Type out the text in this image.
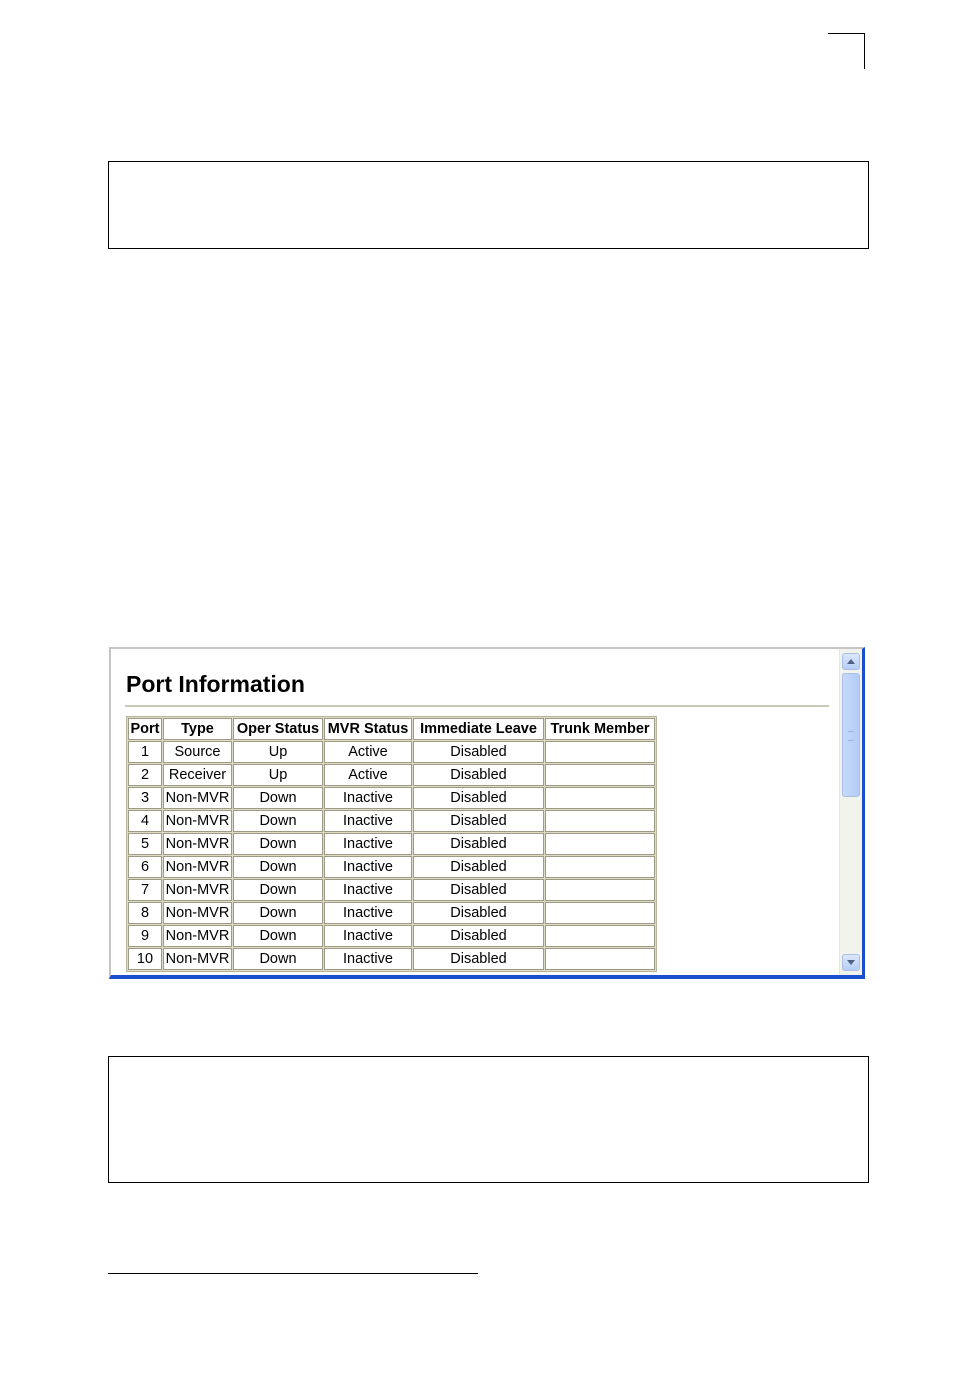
Port Information
Port	Type	Oper Status	MVR Status	Immediate Leave	Trunk Member
1	Source	Up	Active	Disabled	
2	Receiver	Up	Active	Disabled	
3	Non-MVR	Down	Inactive	Disabled	
4	Non-MVR	Down	Inactive	Disabled	
5	Non-MVR	Down	Inactive	Disabled	
6	Non-MVR	Down	Inactive	Disabled	
7	Non-MVR	Down	Inactive	Disabled	
8	Non-MVR	Down	Inactive	Disabled	
9	Non-MVR	Down	Inactive	Disabled	
10	Non-MVR	Down	Inactive	Disabled	
